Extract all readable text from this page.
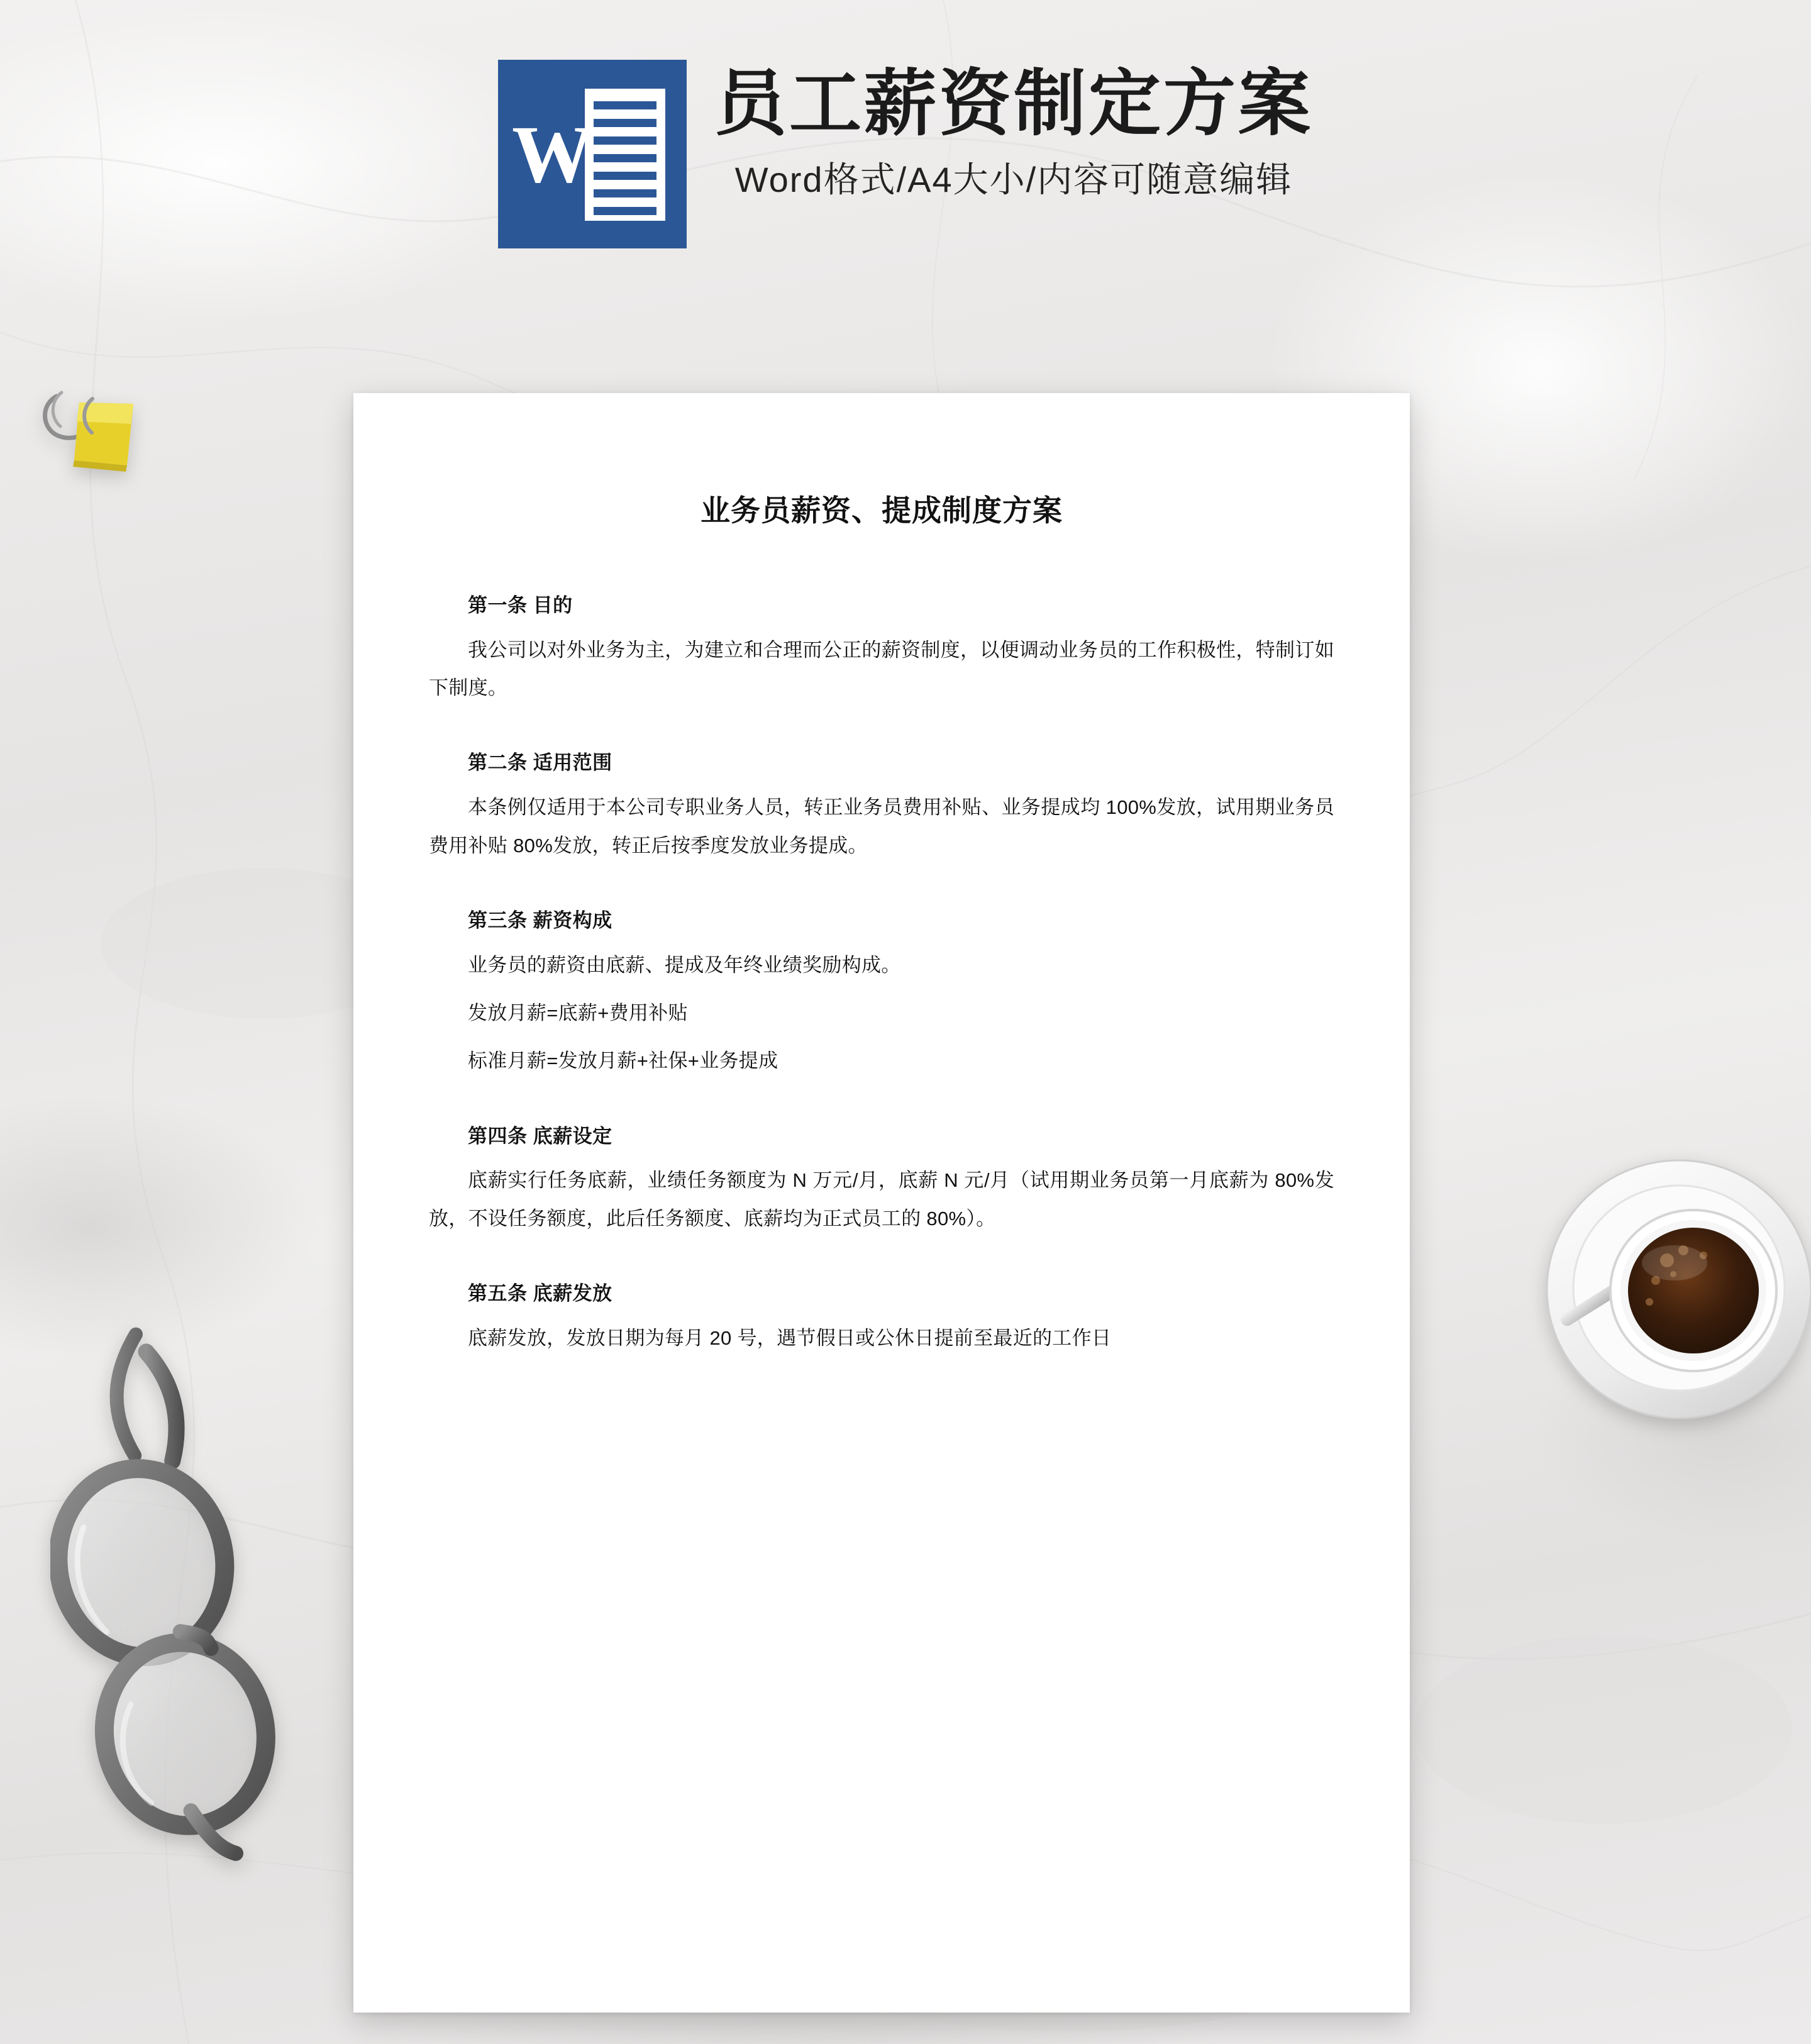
W
员工薪资制定方案
Word格式/A4大小/内容可随意编辑
业务员薪资、提成制度方案
第一条 目的

我公司以对外业务为主，为建立和合理而公正的薪资制度，以便调动业务员的工作积极性，特制订如下制度。

第二条 适用范围

本条例仅适用于本公司专职业务人员，转正业务员费用补贴、业务提成均 100%发放，试用期业务员费用补贴 80%发放，转正后按季度发放业务提成。

第三条 薪资构成

业务员的薪资由底薪、提成及年终业绩奖励构成。

发放月薪=底薪+费用补贴

标准月薪=发放月薪+社保+业务提成

第四条 底薪设定

底薪实行任务底薪，业绩任务额度为 N 万元/月，底薪 N 元/月（试用期业务员第一月底薪为 80%发放，不设任务额度，此后任务额度、底薪均为正式员工的 80%）。

第五条 底薪发放

底薪发放，发放日期为每月 20 号，遇节假日或公休日提前至最近的工作日
